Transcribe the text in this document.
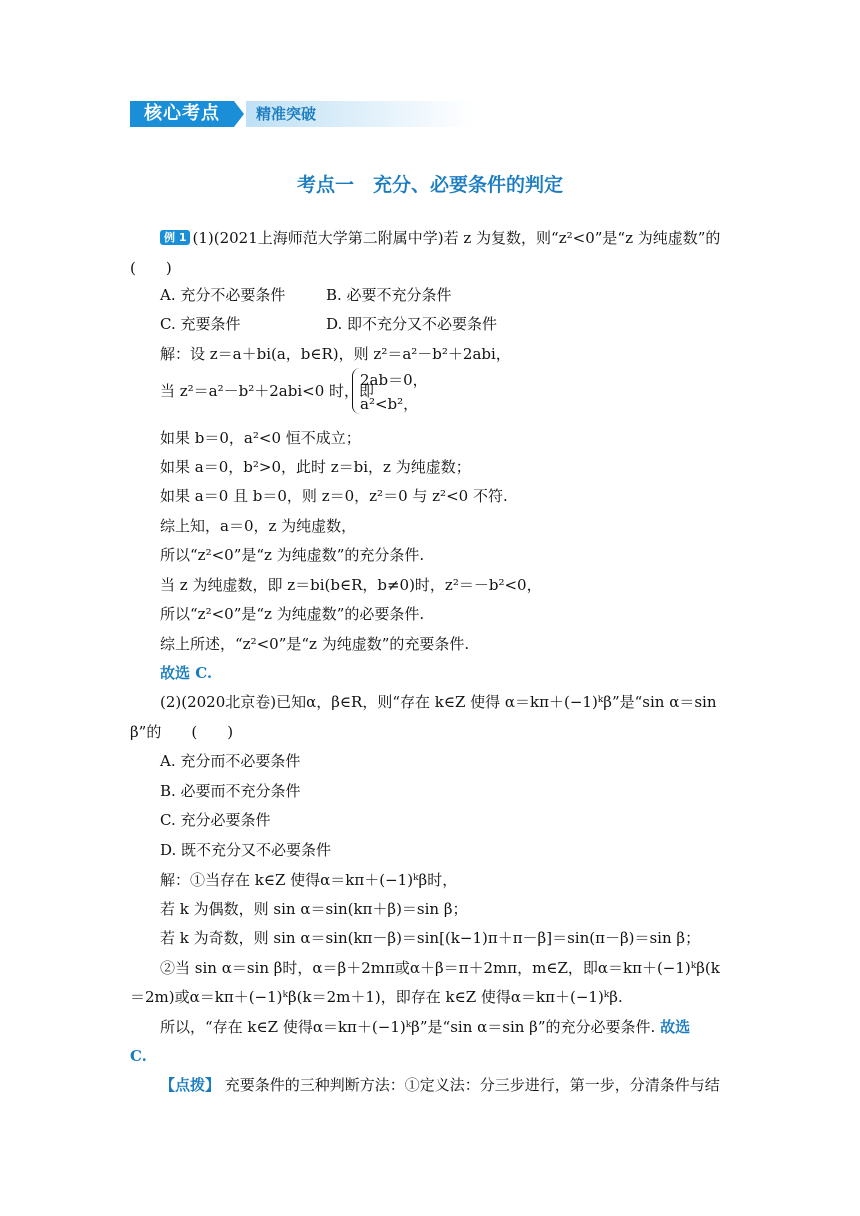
核心考点	精准突破
考点一　充分、必要条件的判定
例 1 (1)(2021上海师范大学第二附属中学)若 z 为复数，则“z²<0”是“z 为纯虚数”的
(　　)
A. 充分不必要条件	B. 必要不充分条件
C. 充要条件	D. 即不充分又不必要条件
解：设 z＝a＋bi(a，b∈R)，则 z²＝a²－b²＋2abi，
当 z²＝a²－b²＋2abi<0 时，即
2ab＝0，
a²<b²，
如果 b＝0，a²<0 恒不成立；
如果 a＝0，b²>0，此时 z＝bi，z 为纯虚数；
如果 a＝0 且 b＝0，则 z＝0，z²＝0 与 z²<0 不符.
综上知，a＝0，z 为纯虚数，
所以“z²<0”是“z 为纯虚数”的充分条件.
当 z 为纯虚数，即 z＝bi(b∈R，b≠0)时，z²＝－b²<0，
所以“z²<0”是“z 为纯虚数”的必要条件.
综上所述，“z²<0”是“z 为纯虚数”的充要条件.
故选 C.
(2)(2020北京卷)已知α，β∈R，则“存在 k∈Z 使得 α＝kπ＋(−1)ᵏβ”是“sin α＝sin
β”的　　(　　)
A. 充分而不必要条件
B. 必要而不充分条件
C. 充分必要条件
D. 既不充分又不必要条件
解：①当存在 k∈Z 使得α＝kπ＋(−1)ᵏβ时，
若 k 为偶数，则 sin α＝sin(kπ＋β)＝sin β；
若 k 为奇数，则 sin α＝sin(kπ－β)＝sin[(k−1)π＋π－β]＝sin(π－β)＝sin β；
②当 sin α＝sin β时，α＝β＋2mπ或α＋β＝π＋2mπ，m∈Z，即α＝kπ＋(−1)ᵏβ(k
＝2m)或α＝kπ＋(−1)ᵏβ(k＝2m＋1)，即存在 k∈Z 使得α＝kπ＋(−1)ᵏβ.
所以，“存在 k∈Z 使得α＝kπ＋(−1)ᵏβ”是“sin α＝sin β”的充分必要条件. 故选
C.
【点拨】 充要条件的三种判断方法：①定义法：分三步进行，第一步，分清条件与结
